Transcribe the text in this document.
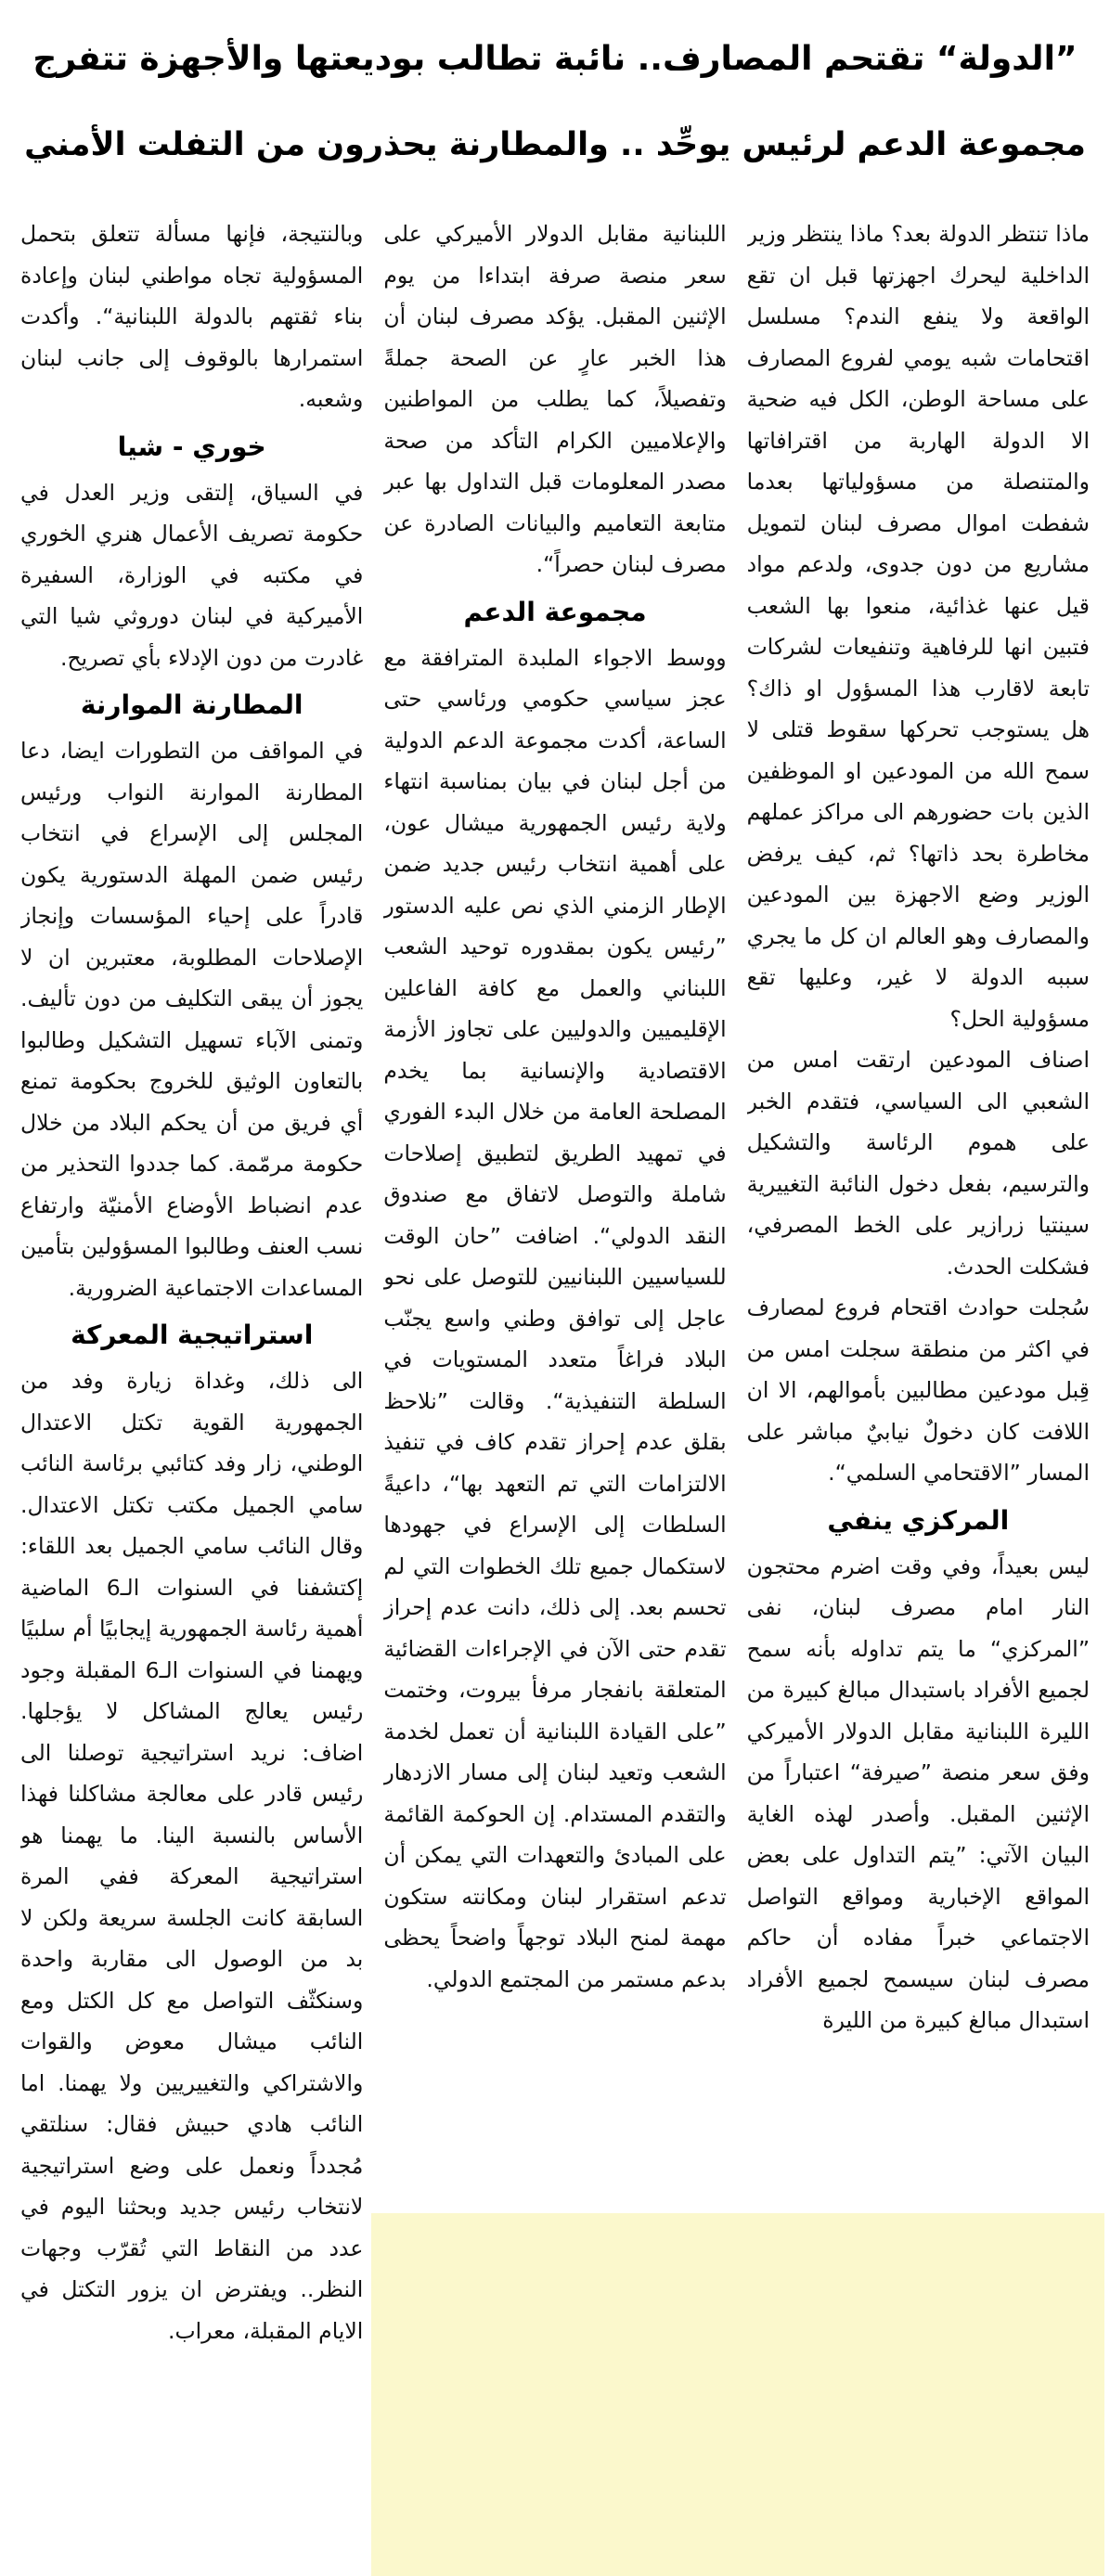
”الدولة“ تقتحم المصارف.. نائبة تطالب بوديعتها والأجهزة تتفرج
مجموعة الدعم لرئيس يوحِّد .. والمطارنة يحذرون من التفلت الأمني

ماذا تنتظر الدولة بعد؟ ماذا ينتظر وزير الداخلية ليحرك اجهزتها قبل ان تقع الواقعة ولا ينفع الندم؟ مسلسل اقتحامات شبه يومي لفروع المصارف على مساحة الوطن، الكل فيه ضحية الا الدولة الهاربة من اقترافاتها والمتنصلة من مسؤولياتها بعدما شفطت اموال مصرف لبنان لتمويل مشاريع من دون جدوى، ولدعم مواد قيل عنها غذائية، منعوا بها الشعب فتبين انها للرفاهية وتنفيعات لشركات تابعة لاقارب هذا المسؤول او ذاك؟ هل يستوجب تحركها سقوط قتلى لا سمح الله من المودعين او الموظفين الذين بات حضورهم الى مراكز عملهم مخاطرة بحد ذاتها؟ ثم، كيف يرفض الوزير وضع الاجهزة بين المودعين والمصارف وهو العالم ان كل ما يجري سببه الدولة لا غير، وعليها تقع مسؤولية الحل؟

اصناف المودعين ارتقت امس من الشعبي الى السياسي، فتقدم الخبر على هموم الرئاسة والتشكيل والترسيم، بفعل دخول النائبة التغييرية سينتيا زرازير على الخط المصرفي، فشكلت الحدث.

سُجلت حوادث اقتحام فروع لمصارف في اكثر من منطقة سجلت امس من قِبل مودعين مطالبين بأموالهم، الا ان اللافت كان دخولٌ نيابيٌ مباشر على المسار ”الاقتحامي السلمي“.

المركزي ينفي

ليس بعيداً، وفي وقت اضرم محتجون النار امام مصرف لبنان، نفى ”المركزي“ ما يتم تداوله بأنه سمح لجميع الأفراد باستبدال مبالغ كبيرة من الليرة اللبنانية مقابل الدولار الأميركي وفق سعر منصة ”صيرفة“ اعتباراً من الإثنين المقبل. وأصدر لهذه الغاية البيان الآتي: ”يتم التداول على بعض المواقع الإخبارية ومواقع التواصل الاجتماعي خبراً مفاده أن حاكم مصرف لبنان سيسمح لجميع الأفراد استبدال مبالغ كبيرة من الليرة

اللبنانية مقابل الدولار الأميركي على سعر منصة صرفة ابتداءا من يوم الإثنين المقبل. يؤكد مصرف لبنان أن هذا الخبر عارٍ عن الصحة جملةً وتفصيلاً، كما يطلب من المواطنين والإعلاميين الكرام التأكد من صحة مصدر المعلومات قبل التداول بها عبر متابعة التعاميم والبيانات الصادرة عن مصرف لبنان حصراً“.

مجموعة الدعم

ووسط الاجواء الملبدة المترافقة مع عجز سياسي حكومي ورئاسي حتى الساعة، أكدت مجموعة الدعم الدولية من أجل لبنان في بيان بمناسبة انتهاء ولاية رئيس الجمهورية ميشال عون، على أهمية انتخاب رئيس جديد ضمن الإطار الزمني الذي نص عليه الدستور ”رئيس يكون بمقدوره توحيد الشعب اللبناني والعمل مع كافة الفاعلين الإقليميين والدوليين على تجاوز الأزمة الاقتصادية والإنسانية بما يخدم المصلحة العامة من خلال البدء الفوري في تمهيد الطريق لتطبيق إصلاحات شاملة والتوصل لاتفاق مع صندوق النقد الدولي“. اضافت ”حان الوقت للسياسيين اللبنانيين للتوصل على نحو عاجل إلى توافق وطني واسع يجنّب البلاد فراغاً متعدد المستويات في السلطة التنفيذية“. وقالت ”نلاحظ بقلق عدم إحراز تقدم كاف في تنفيذ الالتزامات التي تم التعهد بها“، داعيةً السلطات إلى الإسراع في جهودها لاستكمال جميع تلك الخطوات التي لم تحسم بعد. إلى ذلك، دانت عدم إحراز تقدم حتى الآن في الإجراءات القضائية المتعلقة بانفجار مرفأ بيروت، وختمت ”على القيادة اللبنانية أن تعمل لخدمة الشعب وتعيد لبنان إلى مسار الازدهار والتقدم المستدام. إن الحوكمة القائمة على المبادئ والتعهدات التي يمكن أن تدعم استقرار لبنان ومكانته ستكون مهمة لمنح البلاد توجهاً واضحاً يحظى بدعم مستمر من المجتمع الدولي.

وبالنتيجة، فإنها مسألة تتعلق بتحمل المسؤولية تجاه مواطني لبنان وإعادة بناء ثقتهم بالدولة اللبنانية“. وأكدت استمرارها بالوقوف إلى جانب لبنان وشعبه.

خوري - شيا

في السياق، إلتقى وزير العدل في حكومة تصريف الأعمال هنري الخوري في مكتبه في الوزارة، السفيرة الأميركية في لبنان دوروثي شيا التي غادرت من دون الإدلاء بأي تصريح.

المطارنة الموارنة

في المواقف من التطورات ايضا، دعا المطارنة الموارنة النواب ورئيس المجلس إلى الإسراع في انتخاب رئيس ضمن المهلة الدستورية يكون قادراً على إحياء المؤسسات وإنجاز الإصلاحات المطلوبة، معتبرين ان لا يجوز أن يبقى التكليف من دون تأليف. وتمنى الآباء تسهيل التشكيل وطالبوا بالتعاون الوثيق للخروج بحكومة تمنع أي فريق من أن يحكم البلاد من خلال حكومة مرمّمة. كما جددوا التحذير من عدم انضباط الأوضاع الأمنيّة وارتفاع نسب العنف وطالبوا المسؤولين بتأمين المساعدات الاجتماعية الضرورية.

استراتيجية المعركة

الى ذلك، وغداة زيارة وفد من الجمهورية القوية تكتل الاعتدال الوطني، زار وفد كتائبي برئاسة النائب سامي الجميل مكتب تكتل الاعتدال. وقال النائب سامي الجميل بعد اللقاء: إكتشفنا في السنوات الـ6 الماضية أهمية رئاسة الجمهورية إيجابيًا أم سلبيًا ويهمنا في السنوات الـ6 المقبلة وجود رئيس يعالج المشاكل لا يؤجلها. اضاف: نريد استراتيجية توصلنا الى رئيس قادر على معالجة مشاكلنا فهذا الأساس بالنسبة الينا. ما يهمنا هو استراتيجية المعركة ففي المرة السابقة كانت الجلسة سريعة ولكن لا بد من الوصول الى مقاربة واحدة وسنكثّف التواصل مع كل الكتل ومع النائب ميشال معوض والقوات والاشتراكي والتغييريين ولا يهمنا. اما النائب هادي حبيش فقال: سنلتقي مُجدداً ونعمل على وضع استراتيجية لانتخاب رئيس جديد وبحثنا اليوم في عدد من النقاط التي تُقرّب وجهات النظر.. ويفترض ان يزور التكتل في الايام المقبلة، معراب.
